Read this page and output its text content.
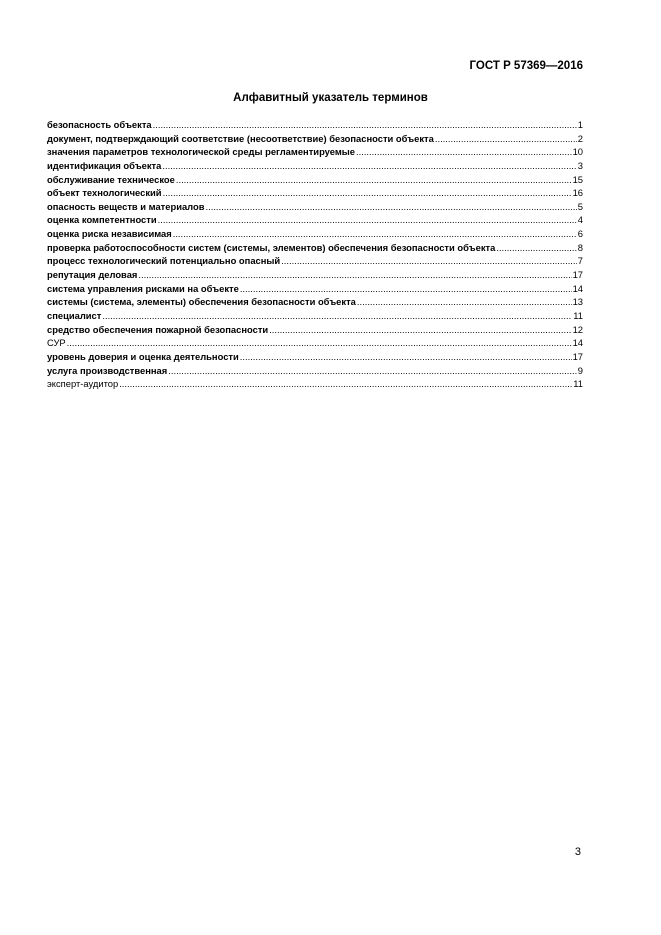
ГОСТ Р 57369—2016
Алфавитный указатель терминов
безопасность объекта .....	1
документ, подтверждающий соответствие (несоответствие) безопасности объекта .....	2
значения параметров технологической среды регламентируемые .....	10
идентификация объекта .....	3
обслуживание техническое .....	15
объект технологический .....	16
опасность веществ и материалов .....	5
оценка компетентности .....	4
оценка риска независимая .....	6
проверка работоспособности систем (системы, элементов) обеспечения безопасности объекта .....	8
процесс технологический потенциально опасный .....	7
репутация деловая .....	17
система управления рисками на объекте .....	14
системы (система, элементы) обеспечения безопасности объекта .....	13
специалист .....	11
средство обеспечения пожарной безопасности .....	12
СУР .....	14
уровень доверия и оценка деятельности .....	17
услуга производственная .....	9
эксперт-аудитор .....	11
3
